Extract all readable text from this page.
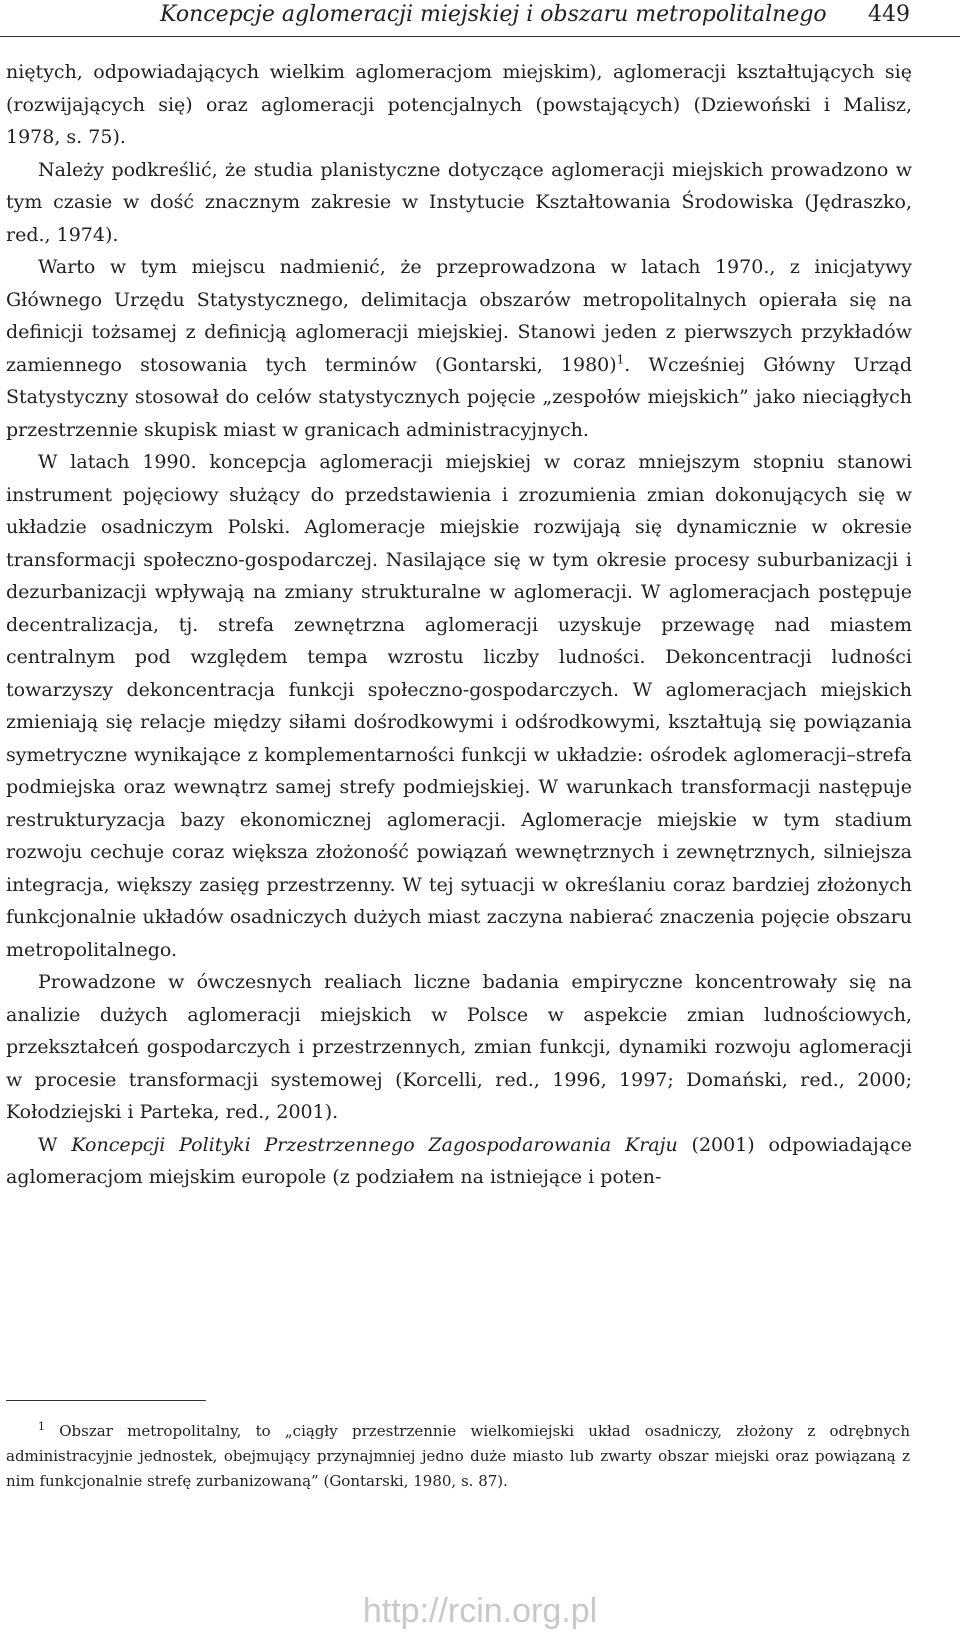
Koncepcje aglomeracji miejskiej i obszaru metropolitalnego 449

niętych, odpowiadających wielkim aglomeracjom miejskim), aglomeracji kształtujących się (rozwijających się) oraz aglomeracji potencjalnych (powstających) (Dziewoński i Malisz, 1978, s. 75).

Należy podkreślić, że studia planistyczne dotyczące aglomeracji miejskich prowadzono w tym czasie w dość znacznym zakresie w Instytucie Kształtowania Środowiska (Jędraszko, red., 1974).

Warto w tym miejscu nadmienić, że przeprowadzona w latach 1970., z inicjatywy Głównego Urzędu Statystycznego, delimitacja obszarów metropolitalnych opierała się na definicji tożsamej z definicją aglomeracji miejskiej. Stanowi jeden z pierwszych przykładów zamiennego stosowania tych terminów (Gontarski, 1980)$^1$. Wcześniej Główny Urząd Statystyczny stosował do celów statystycznych pojęcie „zespołów miejskich” jako nieciągłych przestrzennie skupisk miast w granicach administracyjnych.

W latach 1990. koncepcja aglomeracji miejskiej w coraz mniejszym stopniu stanowi instrument pojęciowy służący do przedstawienia i zrozumienia zmian dokonujących się w układzie osadniczym Polski. Aglomeracje miejskie rozwijają się dynamicznie w okresie transformacji społeczno-gospodarczej. Nasilające się w tym okresie procesy suburbanizacji i dezurbanizacji wpływają na zmiany strukturalne w aglomeracji. W aglomeracjach postępuje decentralizacja, tj. strefa zewnętrzna aglomeracji uzyskuje przewagę nad miastem centralnym pod względem tempa wzrostu liczby ludności. Dekoncentracji ludności towarzyszy dekoncentracja funkcji społeczno-gospodarczych. W aglomeracjach miejskich zmieniają się relacje między siłami dośrodkowymi i odśrodkowymi, kształtują się powiązania symetryczne wynikające z komplementarności funkcji w układzie: ośrodek aglomeracji–strefa podmiejska oraz wewnątrz samej strefy podmiejskiej. W warunkach transformacji następuje restrukturyzacja bazy ekonomicznej aglomeracji. Aglomeracje miejskie w tym stadium rozwoju cechuje coraz większa złożoność powiązań wewnętrznych i zewnętrznych, silniejsza integracja, większy zasięg przestrzenny. W tej sytuacji w określaniu coraz bardziej złożonych funkcjonalnie układów osadniczych dużych miast zaczyna nabierać znaczenia pojęcie obszaru metropolitalnego.

Prowadzone w ówczesnych realiach liczne badania empiryczne koncentrowały się na analizie dużych aglomeracji miejskich w Polsce w aspekcie zmian ludnościowych, przekształceń gospodarczych i przestrzennych, zmian funkcji, dynamiki rozwoju aglomeracji w procesie transformacji systemowej (Korcelli, red., 1996, 1997; Domański, red., 2000; Kołodziejski i Parteka, red., 2001).

W Koncepcji Polityki Przestrzennego Zagospodarowania Kraju (2001) odpowiadające aglomeracjom miejskim europole (z podziałem na istniejące i poten-

$^1$ Obszar metropolitalny, to „ciągły przestrzennie wielkomiejski układ osadniczy, złożony z odrębnych administracyjnie jednostek, obejmujący przynajmniej jedno duże miasto lub zwarty obszar miejski oraz powiązaną z nim funkcjonalnie strefę zurbanizowaną” (Gontarski, 1980, s. 87).
http://rcin.org.pl
